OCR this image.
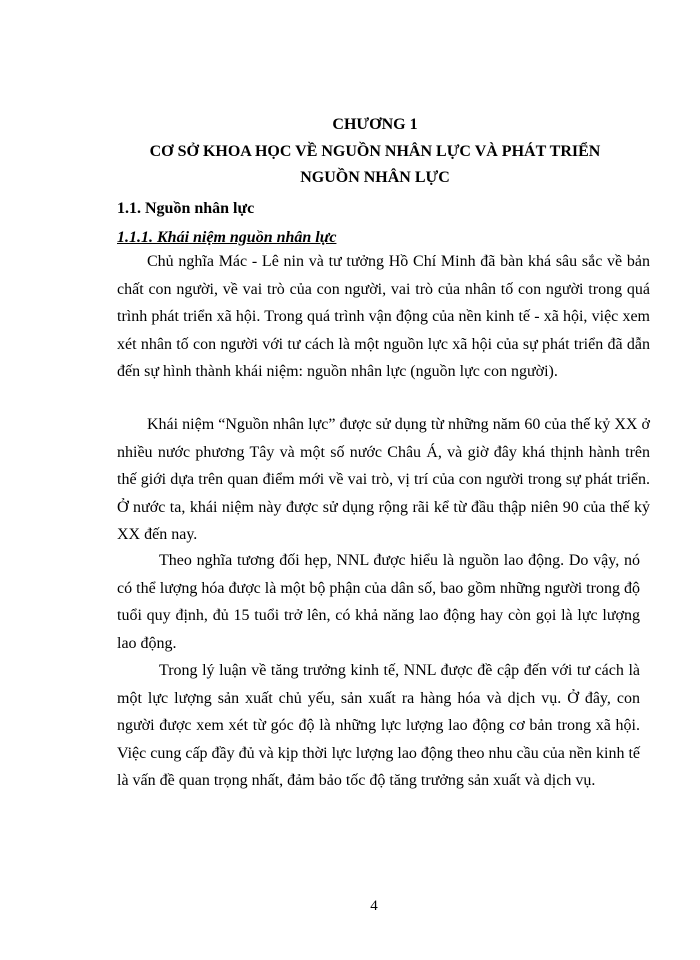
CHƯƠNG 1
CƠ SỞ KHOA HỌC VỀ NGUỒN NHÂN LỰC VÀ PHÁT TRIỂN
NGUỒN NHÂN LỰC
1.1. Nguồn nhân lực
1.1.1. Khái niệm nguồn nhân lực

Chủ nghĩa Mác - Lê nin và tư tưởng Hồ Chí Minh đã bàn khá sâu sắc về bản chất con người, về vai trò của con người, vai trò của nhân tố con người trong quá trình phát triển xã hội. Trong quá trình vận động của nền kinh tế - xã hội, việc xem xét nhân tố con người với tư cách là một nguồn lực xã hội của sự phát triển đã dẫn đến sự hình thành khái niệm: nguồn nhân lực (nguồn lực con người).

Khái niệm “Nguồn nhân lực” được sử dụng từ những năm 60 của thế kỷ XX ở nhiều nước phương Tây và một số nước Châu Á, và giờ đây khá thịnh hành trên thế giới dựa trên quan điểm mới về vai trò, vị trí của con người trong sự phát triển. Ở nước ta, khái niệm này được sử dụng rộng rãi kể từ đầu thập niên 90 của thế kỷ XX đến nay.

Theo nghĩa tương đối hẹp, NNL được hiểu là nguồn lao động. Do vậy, nó có thể lượng hóa được là một bộ phận của dân số, bao gồm những người trong độ tuổi quy định, đủ 15 tuổi trở lên, có khả năng lao động hay còn gọi là lực lượng lao động.

Trong lý luận về tăng trưởng kinh tế, NNL được đề cập đến với tư cách là một lực lượng sản xuất chủ yếu, sản xuất ra hàng hóa và dịch vụ. Ở đây, con người được xem xét từ góc độ là những lực lượng lao động cơ bản trong xã hội. Việc cung cấp đầy đủ và kịp thời lực lượng lao động theo nhu cầu của nền kinh tế là vấn đề quan trọng nhất, đảm bảo tốc độ tăng trưởng sản xuất và dịch vụ.

4
